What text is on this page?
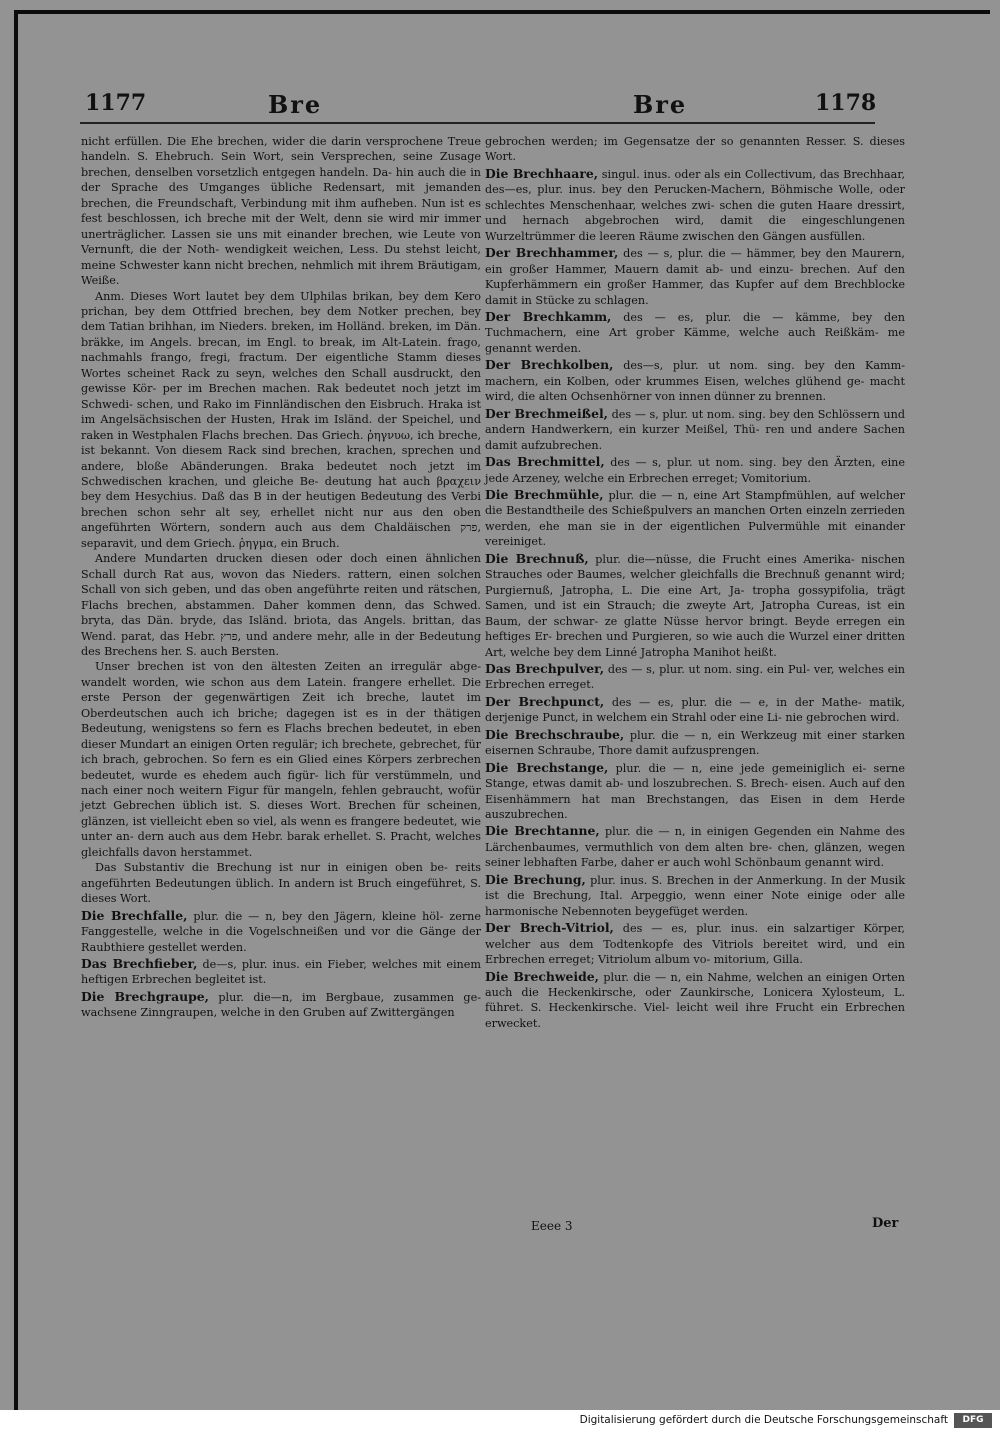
1177	Bre	Bre	1178

nicht erfüllen. Die Ehe brechen, wider die darin versprochene Treue handeln. S. Ehebruch. Sein Wort, sein Versprechen, seine Zusage brechen, denselben vorsetzlich entgegen handeln. Da- hin auch die in der Sprache des Umganges übliche Redensart, mit jemanden brechen, die Freundschaft, Verbindung mit ihm aufheben. Nun ist es fest beschlossen, ich breche mit der Welt, denn sie wird mir immer unerträglicher. Lassen sie uns mit einander brechen, wie Leute von Vernunft, die der Noth- wendigkeit weichen, Less. Du stehst leicht, meine Schwester kann nicht brechen, nehmlich mit ihrem Bräutigam, Weiße.

Anm. Dieses Wort lautet bey dem Ulphilas brikan, bey dem Kero prichan, bey dem Ottfried brechen, bey dem Notker prechen, bey dem Tatian brihhan, im Nieders. breken, im Holländ. breken, im Dän. bräkke, im Angels. brecan, im Engl. to break, im Alt-Latein. frago, nachmahls frango, fregi, fractum. Der eigentliche Stamm dieses Wortes scheinet Rack zu seyn, welches den Schall ausdruckt, den gewisse Kör- per im Brechen machen. Rak bedeutet noch jetzt im Schwedi- schen, und Rako im Finnländischen den Eisbruch. Hraka ist im Angelsächsischen der Husten, Hrak im Isländ. der Speichel, und raken in Westphalen Flachs brechen. Das Griech. ῥηγνυω, ich breche, ist bekannt. Von diesem Rack sind brechen, krachen, sprechen und andere, bloße Abänderungen. Braka bedeutet noch jetzt im Schwedischen krachen, und gleiche Be- deutung hat auch βραχειν bey dem Hesychius. Daß das B in der heutigen Bedeutung des Verbi brechen schon sehr alt sey, erhellet nicht nur aus den oben angeführten Wörtern, sondern auch aus dem Chaldäischen פרק, separavit, und dem Griech. ῥηγμα, ein Bruch.

Andere Mundarten drucken diesen oder doch einen ähnlichen Schall durch Rat aus, wovon das Nieders. rattern, einen solchen Schall von sich geben, und das oben angeführte reiten und rätschen, Flachs brechen, abstammen. Daher kommen denn, das Schwed. bryta, das Dän. bryde, das Isländ. briota, das Angels. brittan, das Wend. parat, das Hebr. פרץ, und andere mehr, alle in der Bedeutung des Brechens her. S. auch Bersten.

Unser brechen ist von den ältesten Zeiten an irregulär abge- wandelt worden, wie schon aus dem Latein. frangere erhellet. Die erste Person der gegenwärtigen Zeit ich breche, lautet im Oberdeutschen auch ich briche; dagegen ist es in der thätigen Bedeutung, wenigstens so fern es Flachs brechen bedeutet, in eben dieser Mundart an einigen Orten regulär; ich brechete, gebrechet, für ich brach, gebrochen. So fern es ein Glied eines Körpers zerbrechen bedeutet, wurde es ehedem auch figür- lich für verstümmeln, und nach einer noch weitern Figur für mangeln, fehlen gebraucht, wofür jetzt Gebrechen üblich ist. S. dieses Wort. Brechen für scheinen, glänzen, ist vielleicht eben so viel, als wenn es frangere bedeutet, wie unter an- dern auch aus dem Hebr. barak erhellet. S. Pracht, welches gleichfalls davon herstammet.

Das Substantiv die Brechung ist nur in einigen oben be- reits angeführten Bedeutungen üblich. In andern ist Bruch eingeführet, S. dieses Wort.

Die Brechfalle, plur. die — n, bey den Jägern, kleine höl- zerne Fanggestelle, welche in die Vogelschneißen und vor die Gänge der Raubthiere gestellet werden.

Das Brechfieber, de—s, plur. inus. ein Fieber, welches mit einem heftigen Erbrechen begleitet ist.

Die Brechgraupe, plur. die—n, im Bergbaue, zusammen ge- wachsene Zinngraupen, welche in den Gruben auf Zwittergängen

gebrochen werden; im Gegensatze der so genannten Resser. S. dieses Wort.

Die Brechhaare, singul. inus. oder als ein Collectivum, das Brechhaar, des—es, plur. inus. bey den Perucken-Machern, Böhmische Wolle, oder schlechtes Menschenhaar, welches zwi- schen die guten Haare dressirt, und hernach abgebrochen wird, damit die eingeschlungenen Wurzeltrümmer die leeren Räume zwischen den Gängen ausfüllen.

Der Brechhammer, des — s, plur. die — hämmer, bey den Maurern, ein großer Hammer, Mauern damit ab- und einzu- brechen. Auf den Kupferhämmern ein großer Hammer, das Kupfer auf dem Brechblocke damit in Stücke zu schlagen.

Der Brechkamm, des — es, plur. die — kämme, bey den Tuchmachern, eine Art grober Kämme, welche auch Reißkäm- me genannt werden.

Der Brechkolben, des—s, plur. ut nom. sing. bey den Kamm- machern, ein Kolben, oder krummes Eisen, welches glühend ge- macht wird, die alten Ochsenhörner von innen dünner zu brennen.

Der Brechmeißel, des — s, plur. ut nom. sing. bey den Schlössern und andern Handwerkern, ein kurzer Meißel, Thü- ren und andere Sachen damit aufzubrechen.

Das Brechmittel, des — s, plur. ut nom. sing. bey den Ärzten, eine jede Arzeney, welche ein Erbrechen erreget; Vomitorium.

Die Brechmühle, plur. die — n, eine Art Stampfmühlen, auf welcher die Bestandtheile des Schießpulvers an manchen Orten einzeln zerrieden werden, ehe man sie in der eigentlichen Pulvermühle mit einander vereiniget.

Die Brechnuß, plur. die—nüsse, die Frucht eines Amerika- nischen Strauches oder Baumes, welcher gleichfalls die Brechnuß genannt wird; Purgiernuß, Jatropha, L. Die eine Art, Ja- tropha gossypifolia, trägt Samen, und ist ein Strauch; die zweyte Art, Jatropha Cureas, ist ein Baum, der schwar- ze glatte Nüsse hervor bringt. Beyde erregen ein heftiges Er- brechen und Purgieren, so wie auch die Wurzel einer dritten Art, welche bey dem Linné Jatropha Manihot heißt.

Das Brechpulver, des — s, plur. ut nom. sing. ein Pul- ver, welches ein Erbrechen erreget.

Der Brechpunct, des — es, plur. die — e, in der Mathe- matik, derjenige Punct, in welchem ein Strahl oder eine Li- nie gebrochen wird.

Die Brechschraube, plur. die — n, ein Werkzeug mit einer starken eisernen Schraube, Thore damit aufzusprengen.

Die Brechstange, plur. die — n, eine jede gemeiniglich ei- serne Stange, etwas damit ab- und loszubrechen. S. Brech- eisen. Auch auf den Eisenhämmern hat man Brechstangen, das Eisen in dem Herde auszubrechen.

Die Brechtanne, plur. die — n, in einigen Gegenden ein Nahme des Lärchenbaumes, vermuthlich von dem alten bre- chen, glänzen, wegen seiner lebhaften Farbe, daher er auch wohl Schönbaum genannt wird.

Die Brechung, plur. inus. S. Brechen in der Anmerkung. In der Musik ist die Brechung, Ital. Arpeggio, wenn einer Note einige oder alle harmonische Nebennoten beygefüget werden.

Der Brech-Vitriol, des — es, plur. inus. ein salzartiger Körper, welcher aus dem Todtenkopfe des Vitriols bereitet wird, und ein Erbrechen erreget; Vitriolum album vo- mitorium, Gilla.

Die Brechweide, plur. die — n, ein Nahme, welchen an einigen Orten auch die Heckenkirsche, oder Zaunkirsche, Lonicera Xylosteum, L. führet. S. Heckenkirsche. Viel- leicht weil ihre Frucht ein Erbrechen erwecket.

Eeee 3	Der
Digitalisierung gefördert durch die Deutsche Forschungsgemeinschaft	DFG
